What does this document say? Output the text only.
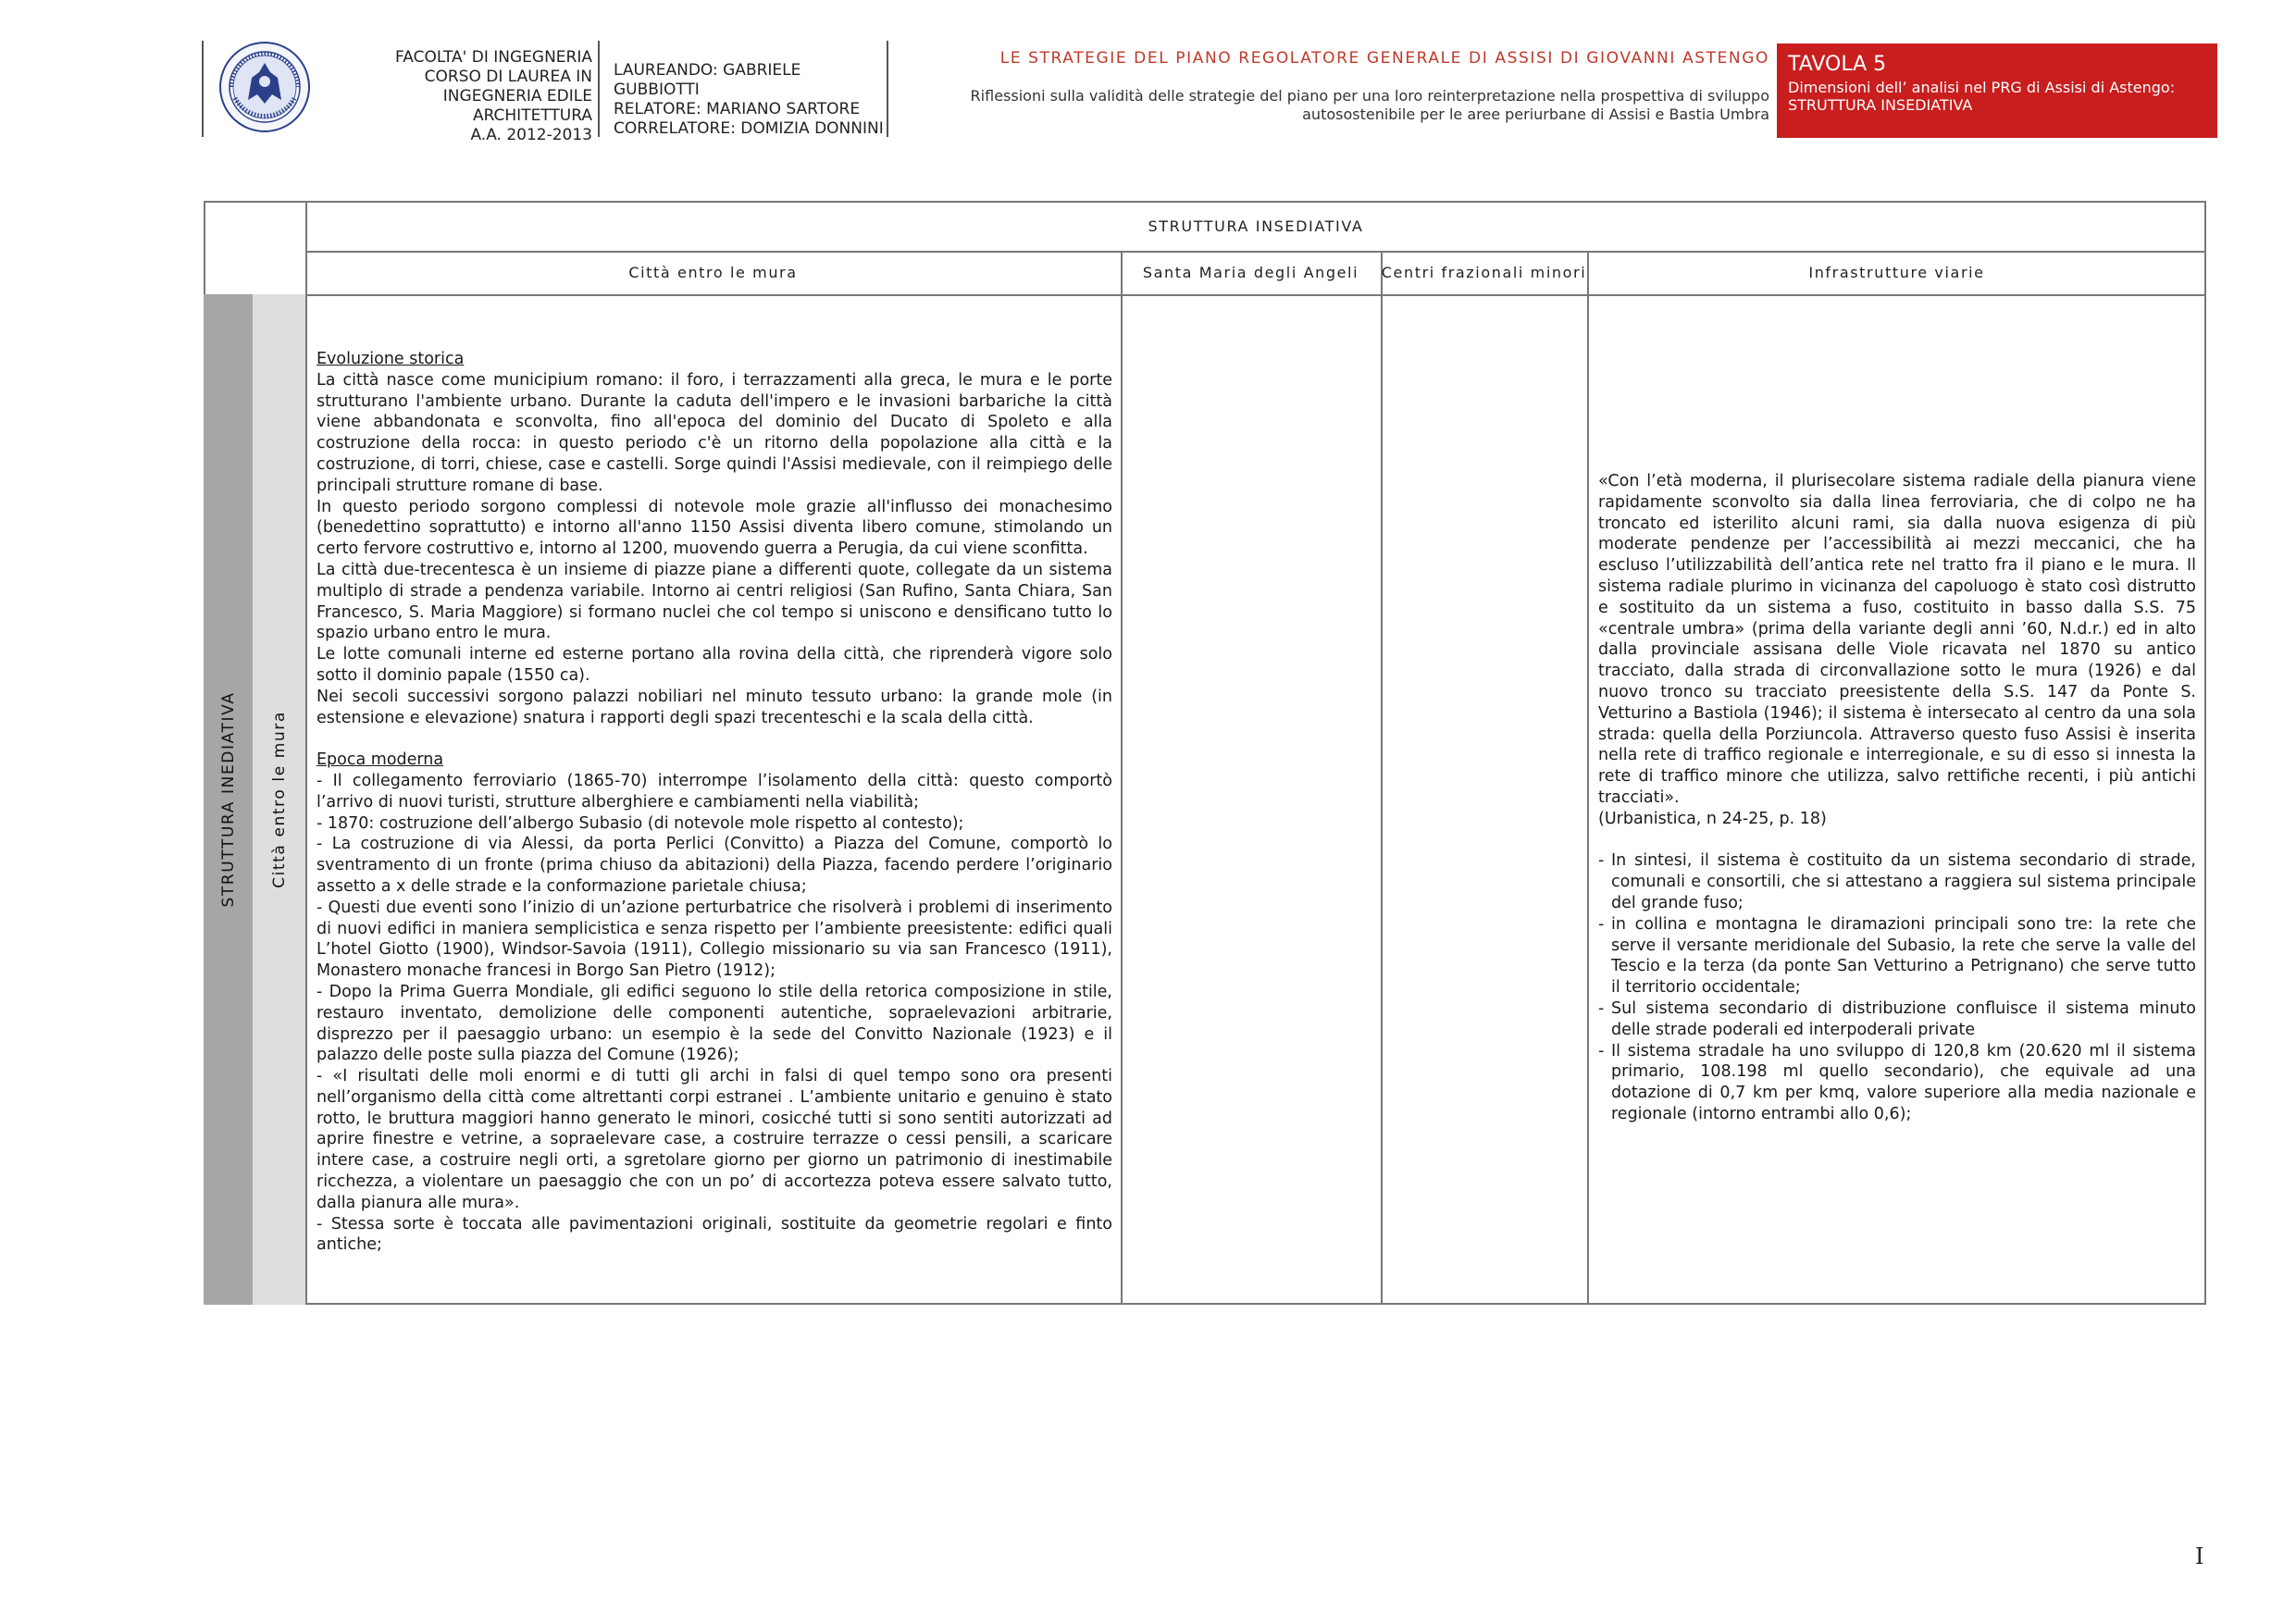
FACOLTA' DI INGEGNERIA
CORSO DI LAUREA IN
INGEGNERIA EDILE ARCHITETTURA
A.A. 2012-2013
LAUREANDO: GABRIELE GUBBIOTTI
RELATORE: MARIANO SARTORE
CORRELATORE: DOMIZIA DONNINI
LE STRATEGIE DEL PIANO REGOLATORE GENERALE DI ASSISI DI GIOVANNI ASTENGO
Riflessioni sulla validità delle strategie del piano per una loro reinterpretazione nella prospettiva di sviluppo
autosostenibile per le aree periurbane di Assisi e Bastia Umbra
TAVOLA 5
Dimensioni dell’ analisi nel PRG di Assisi di Astengo:
STRUTTURA INSEDIATIVA
STRUTTURA INSEDIATIVA
Città entro le mura	Santa Maria degli Angeli Centri frazionali minori	Infrastrutture viarie
STRUTTURA INEDIATIVA Città entro le mura
Evoluzione storica
La città nasce come municipium romano: il foro, i terrazzamenti alla greca, le mura e le porte strutturano l'ambiente urbano. Durante la caduta dell'impero e le invasioni barbariche la città viene abbandonata e sconvolta, fino all'epoca del dominio del Ducato di Spoleto e alla costruzione della rocca: in questo periodo c'è un ritorno della popolazione alla città e la costruzione, di torri, chiese, case e castelli. Sorge quindi l'Assisi medievale, con il reimpiego delle principali strutture romane di base.
In questo periodo sorgono complessi di notevole mole grazie all'influsso dei monachesimo (benedettino soprattutto) e intorno all'anno 1150 Assisi diventa libero comune, stimolando un certo fervore costruttivo e, intorno al 1200, muovendo guerra a Perugia, da cui viene sconfitta.
La città due-trecentesca è un insieme di piazze piane a differenti quote, collegate da un sistema multiplo di strade a pendenza variabile. Intorno ai centri religiosi (San Rufino, Santa Chiara, San Francesco, S. Maria Maggiore) si formano nuclei che col tempo si uniscono e densificano tutto lo spazio urbano entro le mura.
Le lotte comunali interne ed esterne portano alla rovina della città, che riprenderà vigore solo sotto il dominio papale (1550 ca).
Nei secoli successivi sorgono palazzi nobiliari nel minuto tessuto urbano: la grande mole (in estensione e elevazione) snatura i rapporti degli spazi trecenteschi e la scala della città.
Epoca moderna
- Il collegamento ferroviario (1865-70) interrompe l’isolamento della città: questo comportò l’arrivo di nuovi turisti, strutture alberghiere e cambiamenti nella viabilità;
- 1870: costruzione dell’albergo Subasio (di notevole mole rispetto al contesto);
- La costruzione di via Alessi, da porta Perlici (Convitto) a Piazza del Comune, comportò lo sventramento di un fronte (prima chiuso da abitazioni) della Piazza, facendo perdere l’originario assetto a x delle strade e la conformazione parietale chiusa;
- Questi due eventi sono l’inizio di un’azione perturbatrice che risolverà i problemi di inserimento di nuovi edifici in maniera semplicistica e senza rispetto per l’ambiente preesistente: edifici quali L’hotel Giotto (1900), Windsor-Savoia (1911), Collegio missionario su via san Francesco (1911), Monastero monache francesi in Borgo San Pietro (1912);
- Dopo la Prima Guerra Mondiale, gli edifici seguono lo stile della retorica composizione in stile, restauro inventato, demolizione delle componenti autentiche, sopraelevazioni arbitrarie, disprezzo per il paesaggio urbano: un esempio è la sede del Convitto Nazionale (1923) e il palazzo delle poste sulla piazza del Comune (1926);
- «I risultati delle moli enormi e di tutti gli archi in falsi di quel tempo sono ora presenti nell’organismo della città come altrettanti corpi estranei . L’ambiente unitario e genuino è stato rotto, le bruttura maggiori hanno generato le minori, cosicché tutti si sono sentiti autorizzati ad aprire finestre e vetrine, a sopraelevare case, a costruire terrazze o cessi pensili, a scaricare intere case, a costruire negli orti, a sgretolare giorno per giorno un patrimonio di inestimabile ricchezza, a violentare un paesaggio che con un po’ di accortezza poteva essere salvato tutto, dalla pianura alle mura».
- Stessa sorte è toccata alle pavimentazioni originali, sostituite da geometrie regolari e finto antiche;
«Con l’età moderna, il plurisecolare sistema radiale della pianura viene rapidamente sconvolto sia dalla linea ferroviaria, che di colpo ne ha troncato ed isterilito alcuni rami, sia dalla nuova esigenza di più moderate pendenze per l’accessibilità ai mezzi meccanici, che ha escluso l’utilizzabilità dell’antica rete nel tratto fra il piano e le mura. Il sistema radiale plurimo in vicinanza del capoluogo è stato così distrutto e sostituito da un sistema a fuso, costituito in basso dalla S.S. 75 «centrale umbra» (prima della variante degli anni ’60, N.d.r.) ed in alto dalla provinciale assisana delle Viole ricavata nel 1870 su antico tracciato, dalla strada di circonvallazione sotto le mura (1926) e dal nuovo tronco su tracciato preesistente della S.S. 147 da Ponte S. Vetturino a Bastiola (1946); il sistema è intersecato al centro da una sola strada: quella della Porziuncola. Attraverso questo fuso Assisi è inserita nella rete di traffico regionale e interregionale, e su di esso si innesta la rete di traffico minore che utilizza, salvo rettifiche recenti, i più antichi tracciati».
(Urbanistica, n 24-25, p. 18)
- In sintesi, il sistema è costituito da un sistema secondario di strade, comunali e consortili, che si attestano a raggiera sul sistema principale del grande fuso;
- in collina e montagna le diramazioni principali sono tre: la rete che serve il versante meridionale del Subasio, la rete che serve la valle del Tescio e la terza (da ponte San Vetturino a Petrignano) che serve tutto il territorio occidentale;
- Sul sistema secondario di distribuzione confluisce il sistema minuto delle strade poderali ed interpoderali private
- Il sistema stradale ha uno sviluppo di 120,8 km (20.620 ml il sistema primario, 108.198 ml quello secondario), che equivale ad una dotazione di 0,7 km per kmq, valore superiore alla media nazionale e regionale (intorno entrambi allo 0,6);
I
